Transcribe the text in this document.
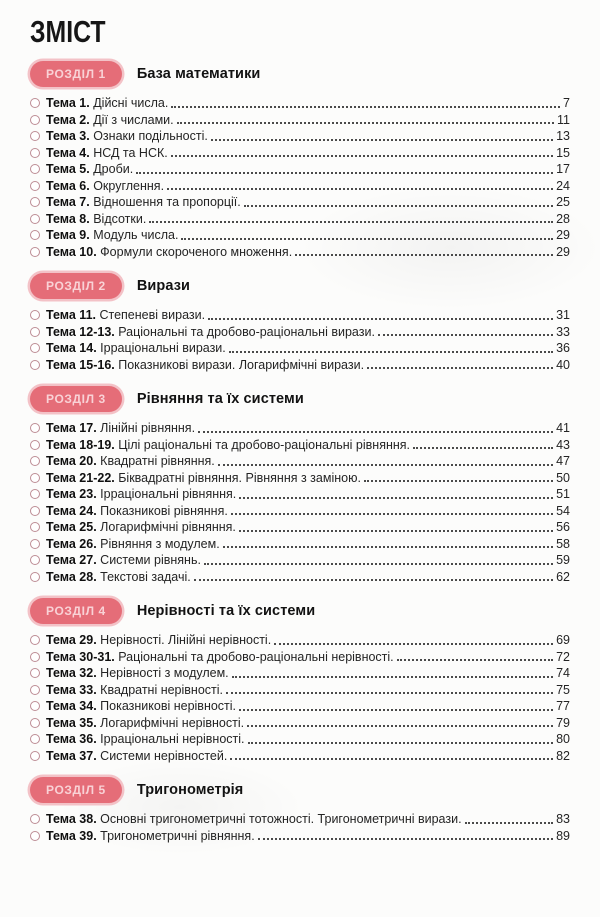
ЗМІСТ
РОЗДІЛ 1 База математики
Тема 1. Дійсні числа.	7
Тема 2. Дії з числами.	11
Тема 3. Ознаки подільності.	13
Тема 4. НСД та НСК.	15
Тема 5. Дроби.	17
Тема 6. Округлення.	24
Тема 7. Відношення та пропорції.	25
Тема 8. Відсотки.	28
Тема 9. Модуль числа.	29
Тема 10. Формули скороченого множення.	29
РОЗДІЛ 2 Вирази
Тема 11. Степеневі вирази.	31
Тема 12-13. Раціональні та дробово-раціональні вирази.	33
Тема 14. Ірраціональні вирази.	36
Тема 15-16. Показникові вирази. Логарифмічні вирази.	40
РОЗДІЛ 3 Рівняння та їх системи
Тема 17. Лінійні рівняння.	41
Тема 18-19. Цілі раціональні та дробово-раціональні рівняння.	43
Тема 20. Квадратні рівняння.	47
Тема 21-22. Біквадратні рівняння. Рівняння з заміною.	50
Тема 23. Ірраціональні рівняння.	51
Тема 24. Показникові рівняння.	54
Тема 25. Логарифмічні рівняння.	56
Тема 26. Рівняння з модулем.	58
Тема 27. Системи рівнянь.	59
Тема 28. Текстові задачі.	62
РОЗДІЛ 4 Нерівності та їх системи
Тема 29. Нерівності. Лінійні нерівності.	69
Тема 30-31. Раціональні та дробово-раціональні нерівності.	72
Тема 32. Нерівності з модулем.	74
Тема 33. Квадратні нерівності.	75
Тема 34. Показникові нерівності.	77
Тема 35. Логарифмічні нерівності.	79
Тема 36. Ірраціональні нерівності.	80
Тема 37. Системи нерівностей.	82
РОЗДІЛ 5 Тригонометрія
Тема 38. Основні тригонометричні тотожності. Тригонометричні вирази.	83
Тема 39. Тригонометричні рівняння.	89
